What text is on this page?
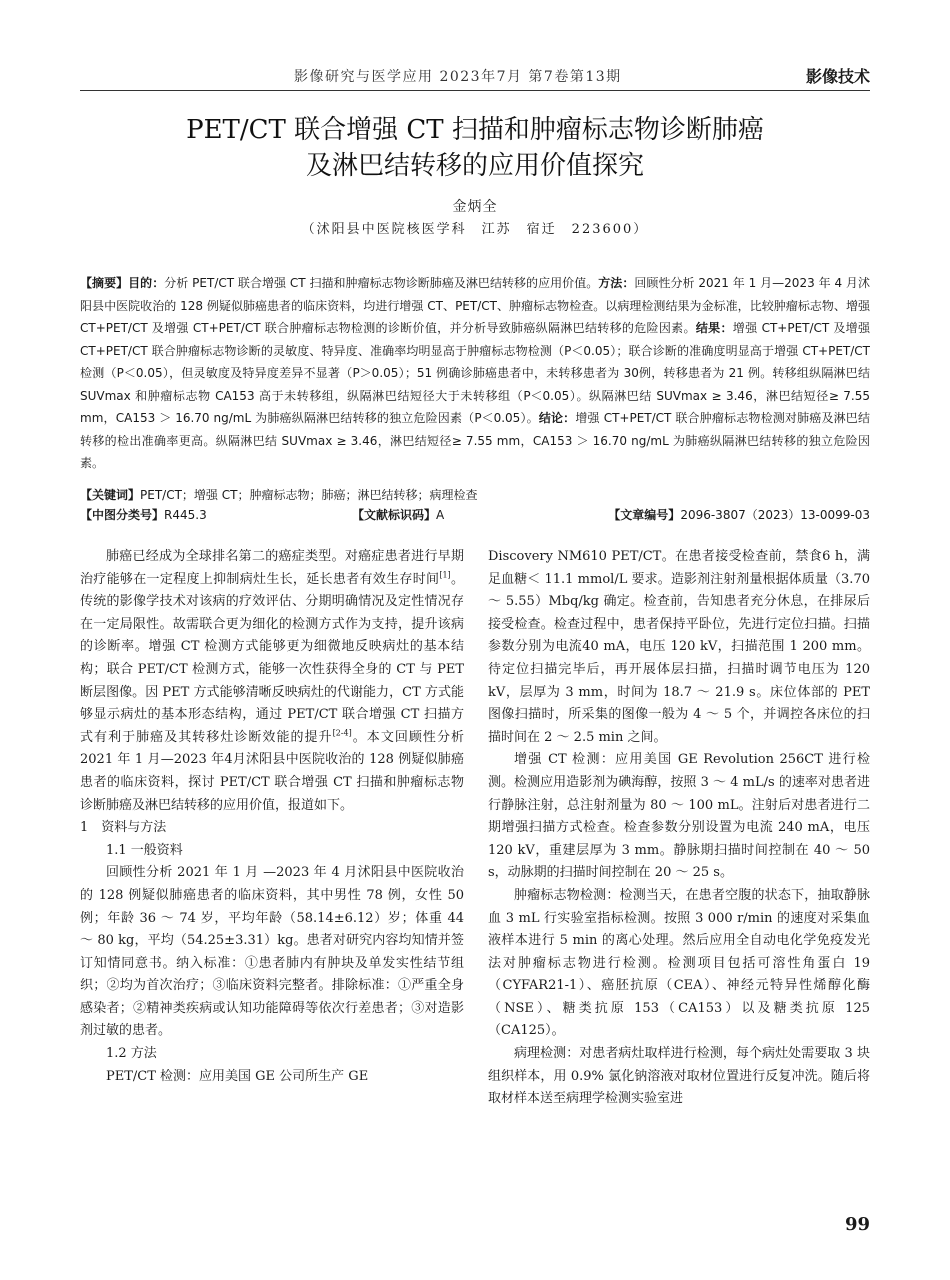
影像研究与医学应用 2023年7月 第7卷第13期	影像技术
PET/CT 联合增强 CT 扫描和肿瘤标志物诊断肺癌
及淋巴结转移的应用价值探究
金炳全
（沭阳县中医院核医学科　江苏　宿迁　223600）
【摘要】目的：分析 PET/CT 联合增强 CT 扫描和肿瘤标志物诊断肺癌及淋巴结转移的应用价值。方法：回顾性分析 2021 年 1 月—2023 年 4 月沭阳县中医院收治的 128 例疑似肺癌患者的临床资料，均进行增强 CT、PET/CT、肿瘤标志物检查。以病理检测结果为金标准，比较肿瘤标志物、增强 CT+PET/CT 及增强 CT+PET/CT 联合肿瘤标志物检测的诊断价值，并分析导致肺癌纵隔淋巴结转移的危险因素。结果：增强 CT+PET/CT 及增强 CT+PET/CT 联合肿瘤标志物诊断的灵敏度、特异度、准确率均明显高于肿瘤标志物检测（P＜0.05）；联合诊断的准确度明显高于增强 CT+PET/CT 检测（P＜0.05），但灵敏度及特异度差异不显著（P＞0.05）；51 例确诊肺癌患者中，未转移患者为 30例，转移患者为 21 例。转移组纵隔淋巴结 SUVmax 和肿瘤标志物 CA153 高于未转移组，纵隔淋巴结短径大于未转移组（P＜0.05）。纵隔淋巴结 SUVmax ≥ 3.46，淋巴结短径≥ 7.55 mm，CA153 ＞ 16.70 ng/mL 为肺癌纵隔淋巴结转移的独立危险因素（P＜0.05）。结论：增强 CT+PET/CT 联合肿瘤标志物检测对肺癌及淋巴结转移的检出准确率更高。纵隔淋巴结 SUVmax ≥ 3.46，淋巴结短径≥ 7.55 mm，CA153 ＞ 16.70 ng/mL 为肺癌纵隔淋巴结转移的独立危险因素。
【关键词】PET/CT；增强 CT；肿瘤标志物；肺癌；淋巴结转移；病理检查
【中图分类号】R445.3	【文献标识码】A	【文章编号】2096-3807（2023）13-0099-03

肺癌已经成为全球排名第二的癌症类型。对癌症患者进行早期治疗能够在一定程度上抑制病灶生长，延长患者有效生存时间[1]。传统的影像学技术对该病的疗效评估、分期明确情况及定性情况存在一定局限性。故需联合更为细化的检测方式作为支持，提升该病的诊断率。增强 CT 检测方式能够更为细微地反映病灶的基本结构；联合 PET/CT 检测方式，能够一次性获得全身的 CT 与 PET 断层图像。因 PET 方式能够清晰反映病灶的代谢能力，CT 方式能够显示病灶的基本形态结构，通过 PET/CT 联合增强 CT 扫描方式有利于肺癌及其转移灶诊断效能的提升[2-4]。本文回顾性分析 2021 年 1 月—2023 年4月沭阳县中医院收治的 128 例疑似肺癌患者的临床资料，探讨 PET/CT 联合增强 CT 扫描和肿瘤标志物诊断肺癌及淋巴结转移的应用价值，报道如下。

1　资料与方法
1.1 一般资料

回顾性分析 2021 年 1 月 —2023 年 4 月沭阳县中医院收治的 128 例疑似肺癌患者的临床资料，其中男性 78 例，女性 50 例；年龄 36 ～ 74 岁，平均年龄（58.14±6.12）岁；体重 44 ～ 80 kg，平均（54.25±3.31）kg。患者对研究内容均知情并签订知情同意书。纳入标准：①患者肺内有肿块及单发实性结节组织；②均为首次治疗；③临床资料完整者。排除标准：①严重全身感染者；②精神类疾病或认知功能障碍等依次行差患者；③对造影剂过敏的患者。

1.2 方法

PET/CT 检测：应用美国 GE 公司所生产 GE

Discovery NM610 PET/CT。在患者接受检查前，禁食6 h，满足血糖＜ 11.1 mmol/L 要求。造影剂注射剂量根据体质量（3.70 ～ 5.55）Mbq/kg 确定。检查前，告知患者充分休息，在排尿后接受检查。检查过程中，患者保持平卧位，先进行定位扫描。扫描参数分别为电流40 mA，电压 120 kV，扫描范围 1 200 mm。待定位扫描完毕后，再开展体层扫描，扫描时调节电压为 120 kV，层厚为 3 mm，时间为 18.7 ～ 21.9 s。床位体部的 PET 图像扫描时，所采集的图像一般为 4 ～ 5 个，并调控各床位的扫描时间在 2 ～ 2.5 min 之间。

增强 CT 检测：应用美国 GE Revolution 256CT 进行检测。检测应用造影剂为碘海醇，按照 3 ～ 4 mL/s 的速率对患者进行静脉注射，总注射剂量为 80 ～ 100 mL。注射后对患者进行二期增强扫描方式检查。检查参数分别设置为电流 240 mA，电压 120 kV，重建层厚为 3 mm。静脉期扫描时间控制在 40 ～ 50 s，动脉期的扫描时间控制在 20 ～ 25 s。

肿瘤标志物检测：检测当天，在患者空腹的状态下，抽取静脉血 3 mL 行实验室指标检测。按照 3 000 r/min 的速度对采集血液样本进行 5 min 的离心处理。然后应用全自动电化学免疫发光法对肿瘤标志物进行检测。检测项目包括可溶性角蛋白 19（CYFAR21-1）、癌胚抗原（CEA）、神经元特异性烯醇化酶（NSE）、糖类抗原 153（CA153）以及糖类抗原 125（CA125）。

病理检测：对患者病灶取样进行检测，每个病灶处需要取 3 块组织样本，用 0.9% 氯化钠溶液对取材位置进行反复冲洗。随后将取材样本送至病理学检测实验室进

99
